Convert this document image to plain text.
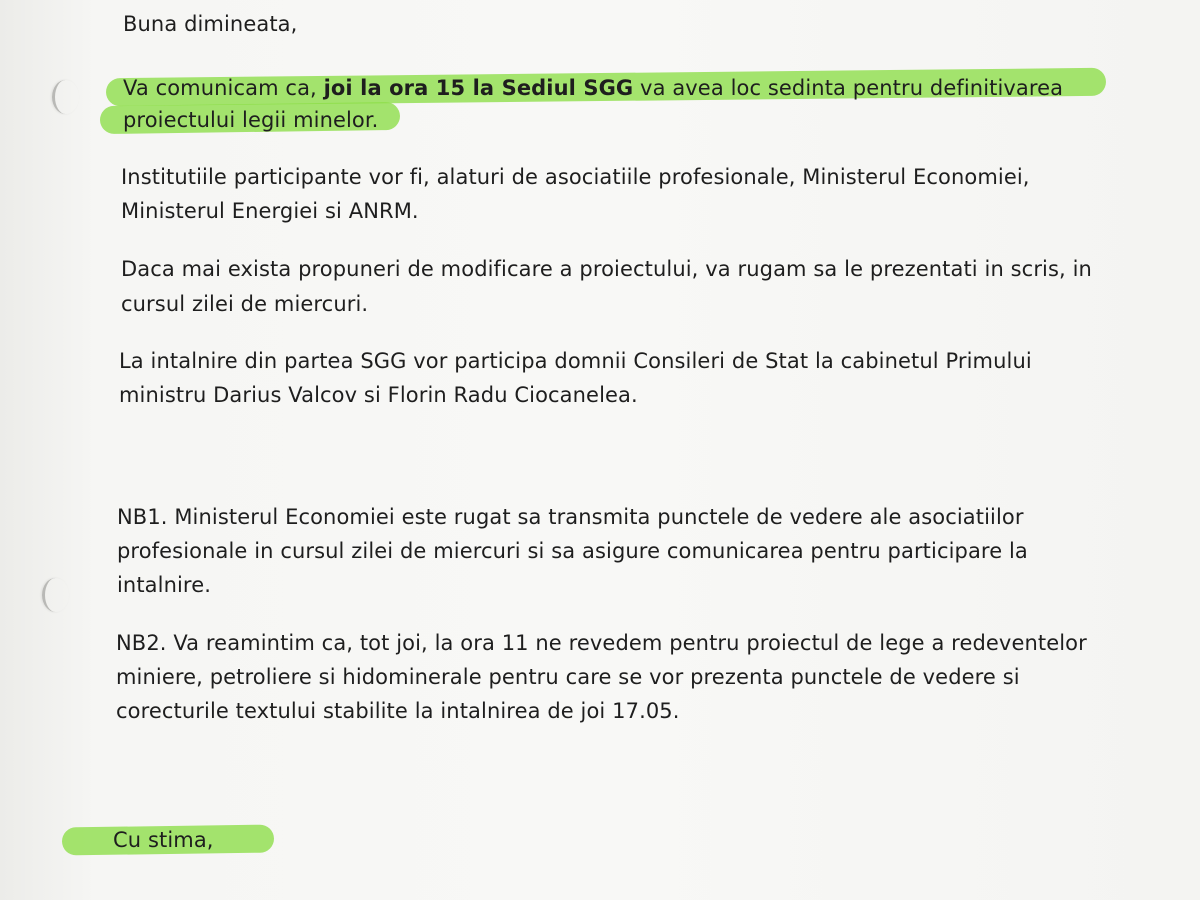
Buna dimineata,
Va comunicam ca, joi la ora 15 la Sediul SGG va avea loc sedinta pentru definitivarea
proiectului legii minelor.
Institutiile participante vor fi, alaturi de asociatiile profesionale, Ministerul Economiei,
Ministerul Energiei si ANRM.
Daca mai exista propuneri de modificare a proiectului, va rugam sa le prezentati in scris, in
cursul zilei de miercuri.
La intalnire din partea SGG vor participa domnii Consileri de Stat la cabinetul Primului
ministru Darius Valcov si Florin Radu Ciocanelea.
NB1. Ministerul Economiei este rugat sa transmita punctele de vedere ale asociatiilor
profesionale in cursul zilei de miercuri si sa asigure comunicarea pentru participare la
intalnire.
NB2. Va reamintim ca, tot joi, la ora 11 ne revedem pentru proiectul de lege a redeventelor
miniere, petroliere si hidominerale pentru care se vor prezenta punctele de vedere si
corecturile textului stabilite la intalnirea de joi 17.05.
Cu stima,
